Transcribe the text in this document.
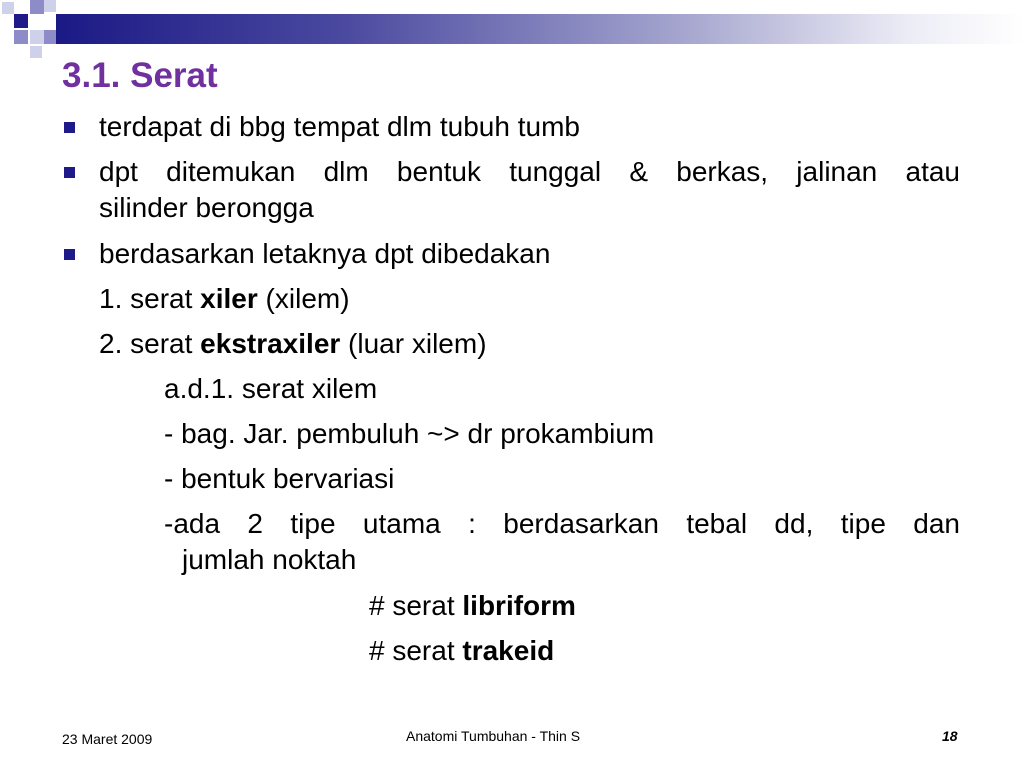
3.1. Serat
terdapat di bbg tempat dlm tubuh tumb
dpt ditemukan dlm bentuk tunggal & berkas, jalinan atau
silinder berongga
berdasarkan letaknya dpt dibedakan
1. serat xiler (xilem)
2. serat ekstraxiler (luar xilem)
a.d.1. serat xilem
- bag. Jar. pembuluh ~> dr prokambium
- bentuk bervariasi
-ada 2 tipe utama : berdasarkan tebal dd, tipe dan
jumlah noktah
# serat libriform
# serat trakeid
23 Maret 2009	Anatomi Tumbuhan - Thin S	18
